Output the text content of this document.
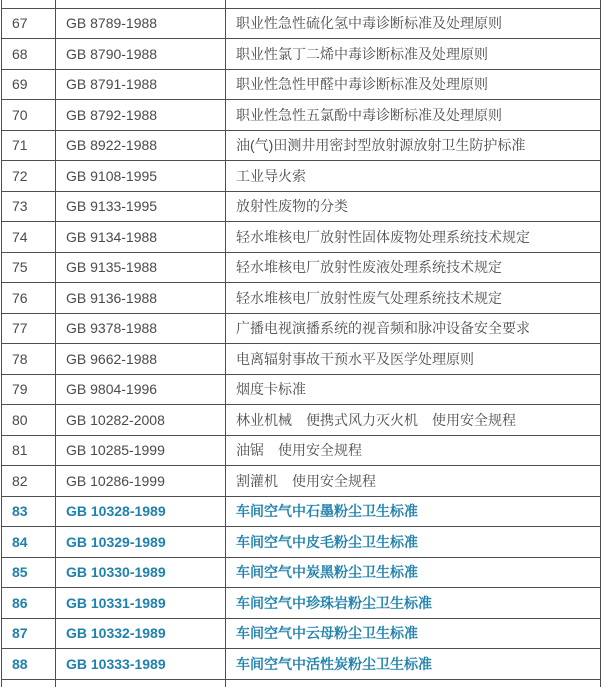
67	GB 8789-1988	职业性急性硫化氢中毒诊断标准及处理原则
68	GB 8790-1988	职业性氯丁二烯中毒诊断标准及处理原则
69	GB 8791-1988	职业性急性甲醛中毒诊断标准及处理原则
70	GB 8792-1988	职业性急性五氯酚中毒诊断标准及处理原则
71	GB 8922-1988	油(气)田测井用密封型放射源放射卫生防护标准
72	GB 9108-1995	工业导火索
73	GB 9133-1995	放射性废物的分类
74	GB 9134-1988	轻水堆核电厂放射性固体废物处理系统技术规定
75	GB 9135-1988	轻水堆核电厂放射性废液处理系统技术规定
76	GB 9136-1988	轻水堆核电厂放射性废气处理系统技术规定
77	GB 9378-1988	广播电视演播系统的视音频和脉冲设备安全要求
78	GB 9662-1988	电离辐射事故干预水平及医学处理原则
79	GB 9804-1996	烟度卡标准
80	GB 10282-2008	林业机械　便携式风力灭火机　使用安全规程
81	GB 10285-1999	油锯　使用安全规程
82	GB 10286-1999	割灌机　使用安全规程
83	GB 10328-1989	车间空气中石墨粉尘卫生标准
84	GB 10329-1989	车间空气中皮毛粉尘卫生标准
85	GB 10330-1989	车间空气中炭黑粉尘卫生标准
86	GB 10331-1989	车间空气中珍珠岩粉尘卫生标准
87	GB 10332-1989	车间空气中云母粉尘卫生标准
88	GB 10333-1989	车间空气中活性炭粉尘卫生标准
